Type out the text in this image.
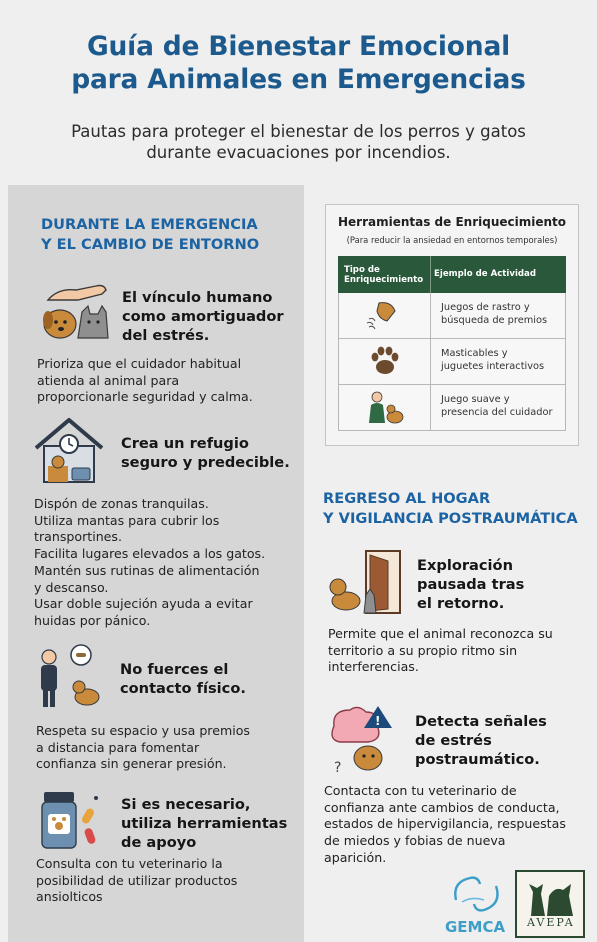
Guía de Bienestar Emocional
para Animales en Emergencias
Pautas para proteger el bienestar de los perros y gatos
durante evacuaciones por incendios.
DURANTE LA EMERGENCIA
Y EL CAMBIO DE ENTORNO
El vínculo humano
como amortiguador
del estrés.
Prioriza que el cuidador habitual
atienda al animal para
proporcionarle seguridad y calma.
Crea un refugio
seguro y predecible.
Dispón de zonas tranquilas.
Utiliza mantas para cubrir los
transportines.
Facilita lugares elevados a los gatos.
Mantén sus rutinas de alimentación
y descanso.
Usar doble sujeción ayuda a evitar
huidas por pánico.
No fuerces el
contacto físico.
Respeta su espacio y usa premios
a distancia para fomentar
confianza sin generar presión.
Si es necesario,
utiliza herramientas
de apoyo
Consulta con tu veterinario la
posibilidad de utilizar productos
ansiolticos
Herramientas de Enriquecimiento
(Para reducir la ansiedad en entornos temporales)
Tipo de
Enriquecimiento
Ejemplo de Actividad
Juegos de rastro y
búsqueda de premios
Masticables y
juguetes interactivos
Juego suave y
presencia del cuidador
REGRESO AL HOGAR
Y VIGILANCIA POSTRAUMÁTICA
Exploración
pausada tras
el retorno.
Permite que el animal reconozca su
territorio a su propio ritmo sin
interferencias.
!
?
Detecta señales
de estrés
postraumático.
Contacta con tu veterinario de
confianza ante cambios de conducta,
estados de hipervigilancia, respuestas
de miedos y fobias de nueva
aparición.
GEMCA AVEPA
